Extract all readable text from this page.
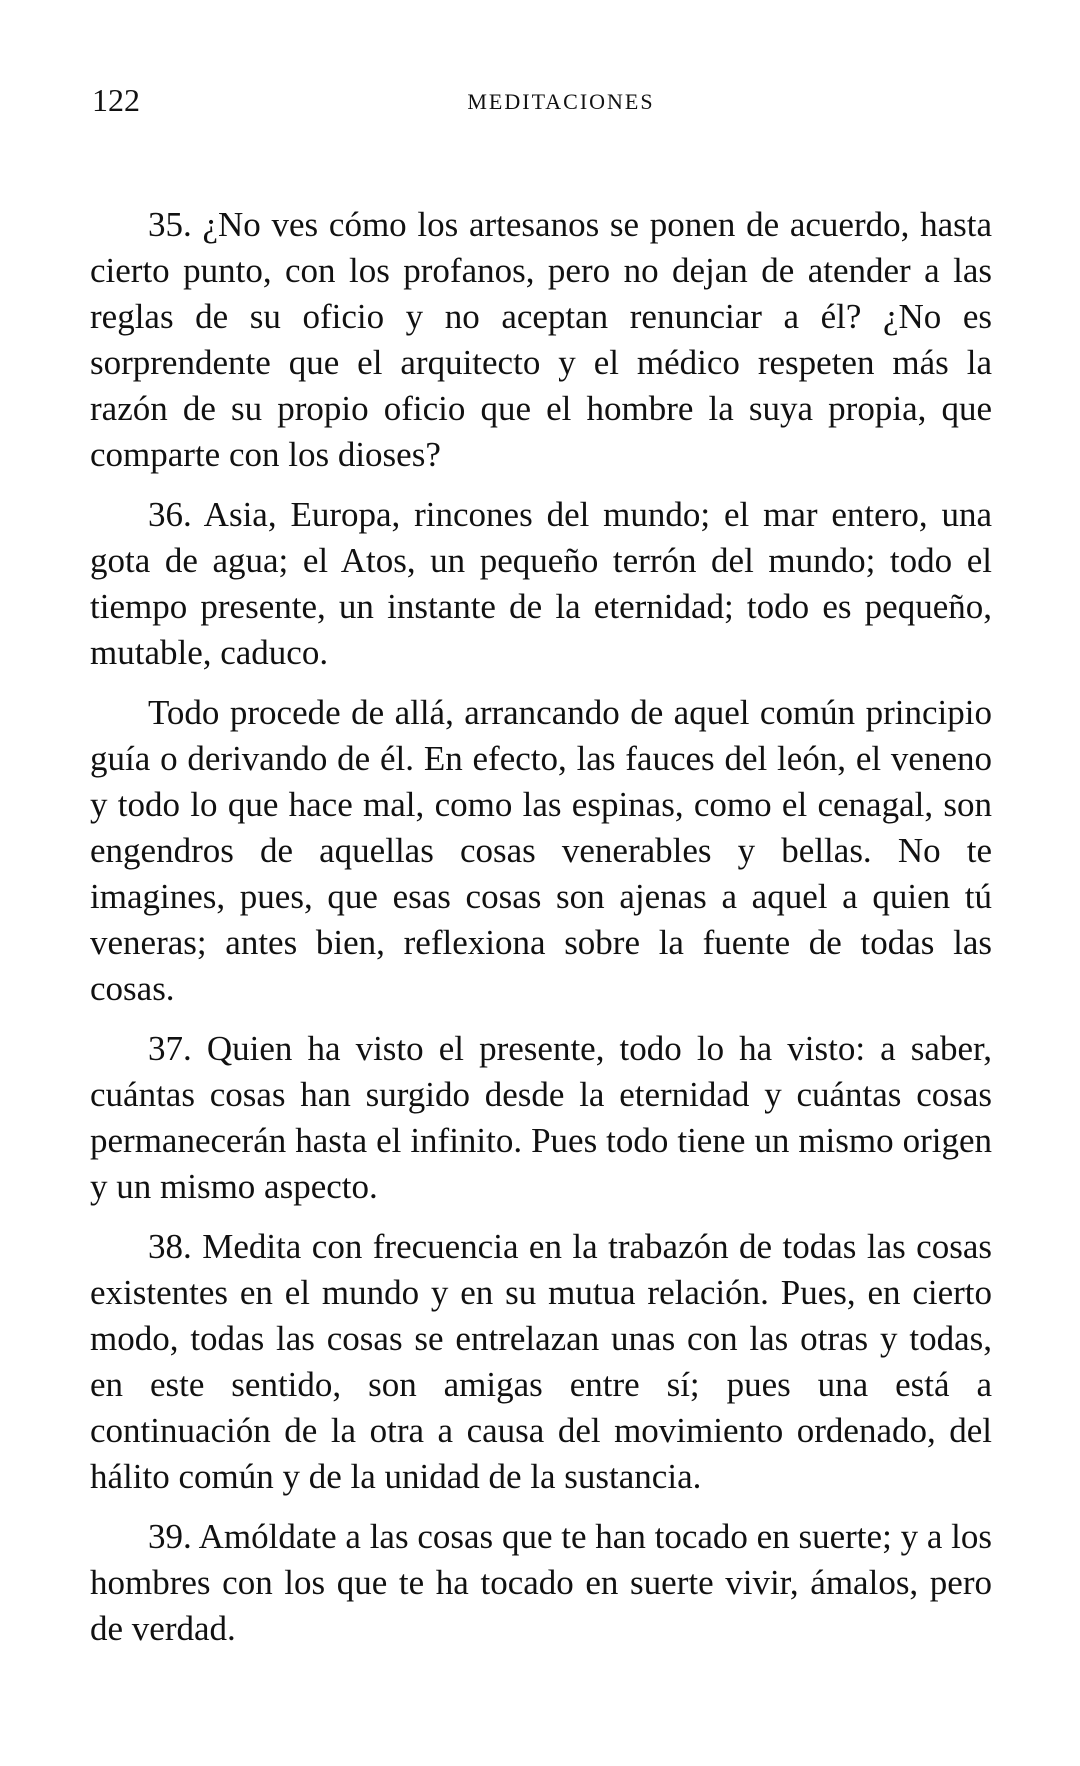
122	MEDITACIONES

35. ¿No ves cómo los artesanos se ponen de acuerdo, hasta cierto punto, con los profanos, pero no dejan de atender a las reglas de su oficio y no aceptan renunciar a él? ¿No es sorprendente que el arquitecto y el médico respeten más la razón de su propio oficio que el hombre la suya propia, que comparte con los dioses?

36. Asia, Europa, rincones del mundo; el mar entero, una gota de agua; el Atos, un pequeño terrón del mundo; todo el tiempo presente, un instante de la eternidad; todo es pequeño, mutable, caduco.

Todo procede de allá, arrancando de aquel común principio guía o derivando de él. En efecto, las fauces del león, el veneno y todo lo que hace mal, como las espinas, como el cenagal, son engendros de aquellas cosas venerables y bellas. No te imagines, pues, que esas cosas son ajenas a aquel a quien tú veneras; antes bien, reflexiona sobre la fuente de todas las cosas.

37. Quien ha visto el presente, todo lo ha visto: a saber, cuántas cosas han surgido desde la eternidad y cuántas cosas permanecerán hasta el infinito. Pues todo tiene un mismo origen y un mismo aspecto.

38. Medita con frecuencia en la trabazón de todas las cosas existentes en el mundo y en su mutua relación. Pues, en cierto modo, todas las cosas se entrelazan unas con las otras y todas, en este sentido, son amigas entre sí; pues una está a continuación de la otra a causa del movimiento ordenado, del hálito común y de la unidad de la sustancia.

39. Amóldate a las cosas que te han tocado en suerte; y a los hombres con los que te ha tocado en suerte vivir, ámalos, pero de verdad.
